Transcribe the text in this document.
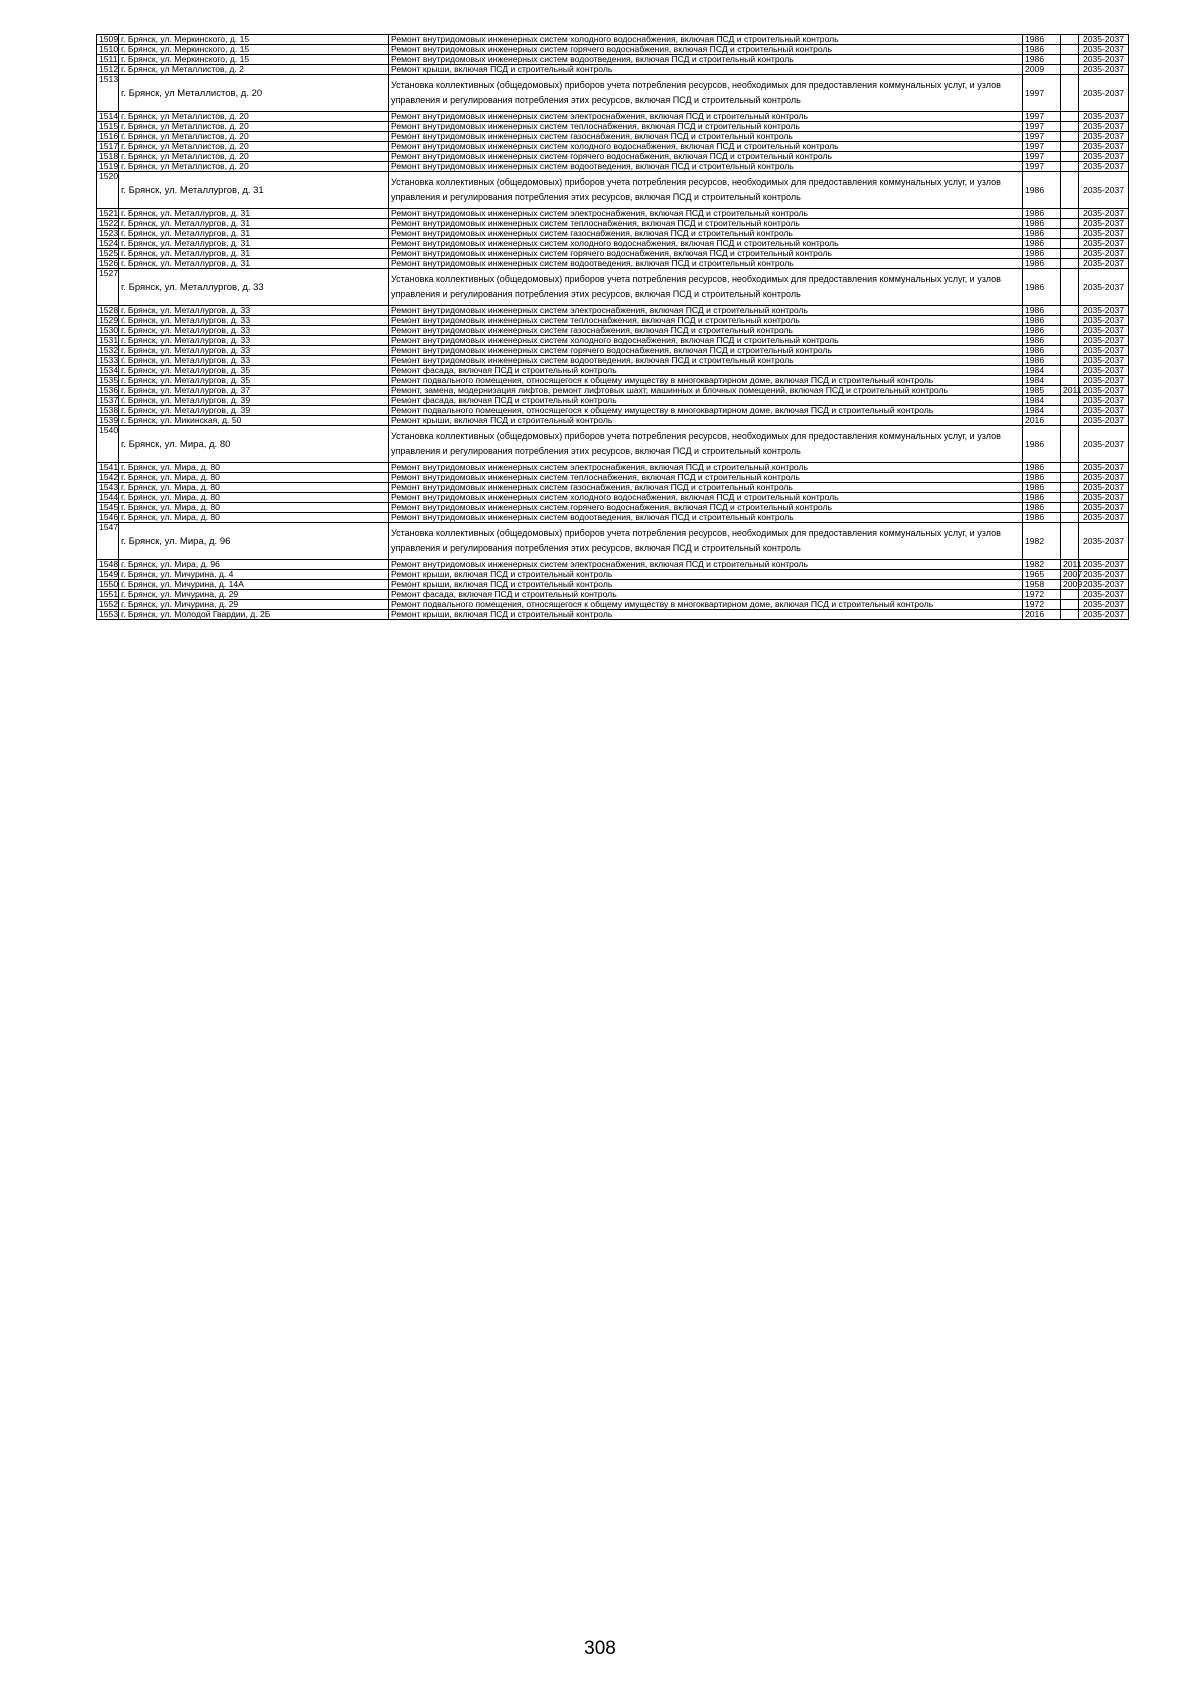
1509	г. Брянск, ул. Меркинского, д. 15	Ремонт внутридомовых инженерных систем холодного водоснабжения, включая ПСД и строительный контроль	1986		2035-2037	
1510	г. Брянск, ул. Меркинского, д. 15	Ремонт внутридомовых инженерных систем горячего водоснабжения, включая ПСД и строительный контроль	1986		2035-2037	
1511	г. Брянск, ул. Меркинского, д. 15	Ремонт внутридомовых инженерных систем водоотведения, включая ПСД и строительный контроль	1986		2035-2037	
1512	г. Брянск, ул Металлистов, д. 2	Ремонт крыши, включая ПСД и строительный контроль	2009		2035-2037	
1513	г. Брянск, ул Металлистов, д. 20	Установка коллективных (общедомовых) приборов учета потребления ресурсов, необходимых для предоставления коммунальных услуг, и узлов управления и регулирования потребления этих ресурсов, включая ПСД и строительный контроль	1997		2035-2037	
1514	г. Брянск, ул Металлистов, д. 20	Ремонт внутридомовых инженерных систем электроснабжения, включая ПСД и строительный контроль	1997		2035-2037	
1515	г. Брянск, ул Металлистов, д. 20	Ремонт внутридомовых инженерных систем теплоснабжения, включая ПСД и строительный контроль	1997		2035-2037	
1516	г. Брянск, ул Металлистов, д. 20	Ремонт внутридомовых инженерных систем газоснабжения, включая ПСД и строительный контроль	1997		2035-2037	
1517	г. Брянск, ул Металлистов, д. 20	Ремонт внутридомовых инженерных систем холодного водоснабжения, включая ПСД и строительный контроль	1997		2035-2037	
1518	г. Брянск, ул Металлистов, д. 20	Ремонт внутридомовых инженерных систем горячего водоснабжения, включая ПСД и строительный контроль	1997		2035-2037	
1519	г. Брянск, ул Металлистов, д. 20	Ремонт внутридомовых инженерных систем водоотведения, включая ПСД и строительный контроль	1997		2035-2037	
1520	г. Брянск, ул. Металлургов, д. 31	Установка коллективных (общедомовых) приборов учета потребления ресурсов, необходимых для предоставления коммунальных услуг, и узлов управления и регулирования потребления этих ресурсов, включая ПСД и строительный контроль	1986		2035-2037	
1521	г. Брянск, ул. Металлургов, д. 31	Ремонт внутридомовых инженерных систем электроснабжения, включая ПСД и строительный контроль	1986		2035-2037	
1522	г. Брянск, ул. Металлургов, д. 31	Ремонт внутридомовых инженерных систем теплоснабжения, включая ПСД и строительный контроль	1986		2035-2037	
1523	г. Брянск, ул. Металлургов, д. 31	Ремонт внутридомовых инженерных систем газоснабжения, включая ПСД и строительный контроль	1986		2035-2037	
1524	г. Брянск, ул. Металлургов, д. 31	Ремонт внутридомовых инженерных систем холодного водоснабжения, включая ПСД и строительный контроль	1986		2035-2037	
1525	г. Брянск, ул. Металлургов, д. 31	Ремонт внутридомовых инженерных систем горячего водоснабжения, включая ПСД и строительный контроль	1986		2035-2037	
1526	г. Брянск, ул. Металлургов, д. 31	Ремонт внутридомовых инженерных систем водоотведения, включая ПСД и строительный контроль	1986		2035-2037	
1527	г. Брянск, ул. Металлургов, д. 33	Установка коллективных (общедомовых) приборов учета потребления ресурсов, необходимых для предоставления коммунальных услуг, и узлов управления и регулирования потребления этих ресурсов, включая ПСД и строительный контроль	1986		2035-2037	
1528	г. Брянск, ул. Металлургов, д. 33	Ремонт внутридомовых инженерных систем электроснабжения, включая ПСД и строительный контроль	1986		2035-2037	
1529	г. Брянск, ул. Металлургов, д. 33	Ремонт внутридомовых инженерных систем теплоснабжения, включая ПСД и строительный контроль	1986		2035-2037	
1530	г. Брянск, ул. Металлургов, д. 33	Ремонт внутридомовых инженерных систем газоснабжения, включая ПСД и строительный контроль	1986		2035-2037	
1531	г. Брянск, ул. Металлургов, д. 33	Ремонт внутридомовых инженерных систем холодного водоснабжения, включая ПСД и строительный контроль	1986		2035-2037	
1532	г. Брянск, ул. Металлургов, д. 33	Ремонт внутридомовых инженерных систем горячего водоснабжения, включая ПСД и строительный контроль	1986		2035-2037	
1533	г. Брянск, ул. Металлургов, д. 33	Ремонт внутридомовых инженерных систем водоотведения, включая ПСД и строительный контроль	1986		2035-2037	
1534	г. Брянск, ул. Металлургов, д. 35	Ремонт фасада, включая ПСД и строительный контроль	1984		2035-2037	
1535	г. Брянск, ул. Металлургов, д. 35	Ремонт подвального помещения, относящегося к общему имуществу в многоквартирном доме, включая ПСД и строительный контроль	1984		2035-2037	
1536	г. Брянск, ул. Металлургов, д. 37	Ремонт, замена, модернизация лифтов, ремонт лифтовых шахт, машинных и блочных помещений, включая ПСД и строительный контроль	1985	2011	2035-2037	
1537	г. Брянск, ул. Металлургов, д. 39	Ремонт фасада, включая ПСД и строительный контроль	1984		2035-2037	
1538	г. Брянск, ул. Металлургов, д. 39	Ремонт подвального помещения, относящегося к общему имуществу в многоквартирном доме, включая ПСД и строительный контроль	1984		2035-2037	
1539	г. Брянск, ул. Микинская, д. 50	Ремонт крыши, включая ПСД и строительный контроль	2016		2035-2037	
1540	г. Брянск, ул. Мира, д. 80	Установка коллективных (общедомовых) приборов учета потребления ресурсов, необходимых для предоставления коммунальных услуг, и узлов управления и регулирования потребления этих ресурсов, включая ПСД и строительный контроль	1986		2035-2037	
1541	г. Брянск, ул. Мира, д. 80	Ремонт внутридомовых инженерных систем электроснабжения, включая ПСД и строительный контроль	1986		2035-2037	
1542	г. Брянск, ул. Мира, д. 80	Ремонт внутридомовых инженерных систем теплоснабжения, включая ПСД и строительный контроль	1986		2035-2037	
1543	г. Брянск, ул. Мира, д. 80	Ремонт внутридомовых инженерных систем газоснабжения, включая ПСД и строительный контроль	1986		2035-2037	
1544	г. Брянск, ул. Мира, д. 80	Ремонт внутридомовых инженерных систем холодного водоснабжения, включая ПСД и строительный контроль	1986		2035-2037	
1545	г. Брянск, ул. Мира, д. 80	Ремонт внутридомовых инженерных систем горячего водоснабжения, включая ПСД и строительный контроль	1986		2035-2037	
1546	г. Брянск, ул. Мира, д. 80	Ремонт внутридомовых инженерных систем водоотведения, включая ПСД и строительный контроль	1986		2035-2037	
1547	г. Брянск, ул. Мира, д. 96	Установка коллективных (общедомовых) приборов учета потребления ресурсов, необходимых для предоставления коммунальных услуг, и узлов управления и регулирования потребления этих ресурсов, включая ПСД и строительный контроль	1982		2035-2037	
1548	г. Брянск, ул. Мира, д. 96	Ремонт внутридомовых инженерных систем электроснабжения, включая ПСД и строительный контроль	1982	2011	2035-2037	
1549	г. Брянск, ул. Мичурина, д. 4	Ремонт крыши, включая ПСД и строительный контроль	1965	2007	2035-2037	
1550	г. Брянск, ул. Мичурина, д. 14А	Ремонт крыши, включая ПСД и строительный контроль	1958	2009	2035-2037	
1551	г. Брянск, ул. Мичурина, д. 29	Ремонт фасада, включая ПСД и строительный контроль	1972		2035-2037	
1552	г. Брянск, ул. Мичурина, д. 29	Ремонт подвального помещения, относящегося к общему имуществу в многоквартирном доме, включая ПСД и строительный контроль	1972		2035-2037	
1553	г. Брянск, ул. Молодой Гвардии, д. 2Б	Ремонт крыши, включая ПСД и строительный контроль	2016		2035-2037	
308
